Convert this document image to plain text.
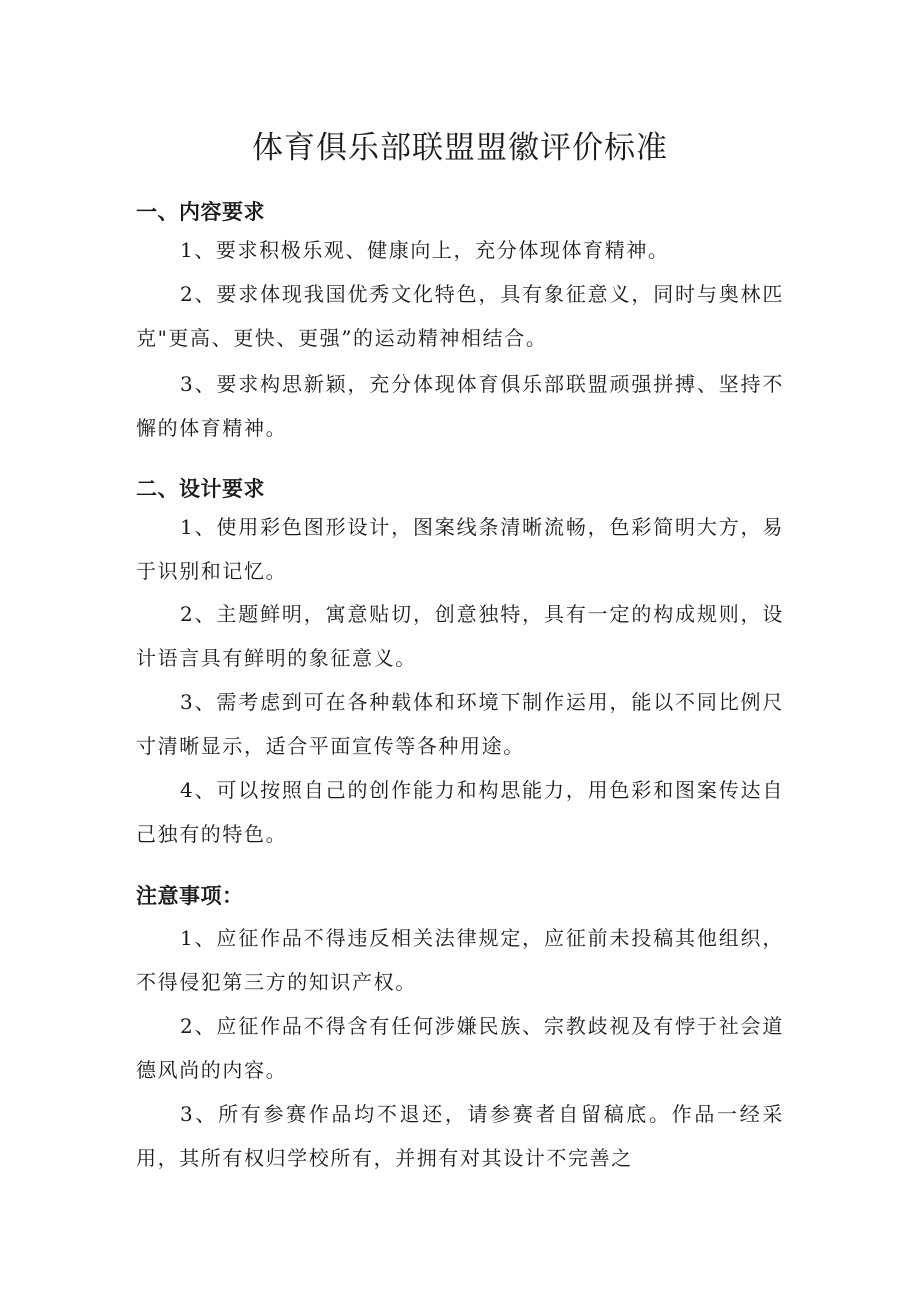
体育俱乐部联盟盟徽评价标准
一、内容要求

1、要求积极乐观、健康向上，充分体现体育精神。

2、要求体现我国优秀文化特色，具有象征意义，同时与奥林匹克"更高、更快、更强”的运动精神相结合。

3、要求构思新颖，充分体现体育俱乐部联盟顽强拼搏、坚持不懈的体育精神。

二、设计要求

1、使用彩色图形设计，图案线条清晰流畅，色彩简明大方，易于识别和记忆。

2、主题鲜明，寓意贴切，创意独特，具有一定的构成规则，设计语言具有鲜明的象征意义。

3、需考虑到可在各种载体和环境下制作运用，能以不同比例尺寸清晰显示，适合平面宣传等各种用途。

4、可以按照自己的创作能力和构思能力，用色彩和图案传达自己独有的特色。

注意事项：

1、应征作品不得违反相关法律规定，应征前未投稿其他组织，不得侵犯第三方的知识产权。

2、应征作品不得含有任何涉嫌民族、宗教歧视及有悖于社会道德风尚的内容。

3、所有参赛作品均不退还，请参赛者自留稿底。作品一经采用，其所有权归学校所有，并拥有对其设计不完善之
